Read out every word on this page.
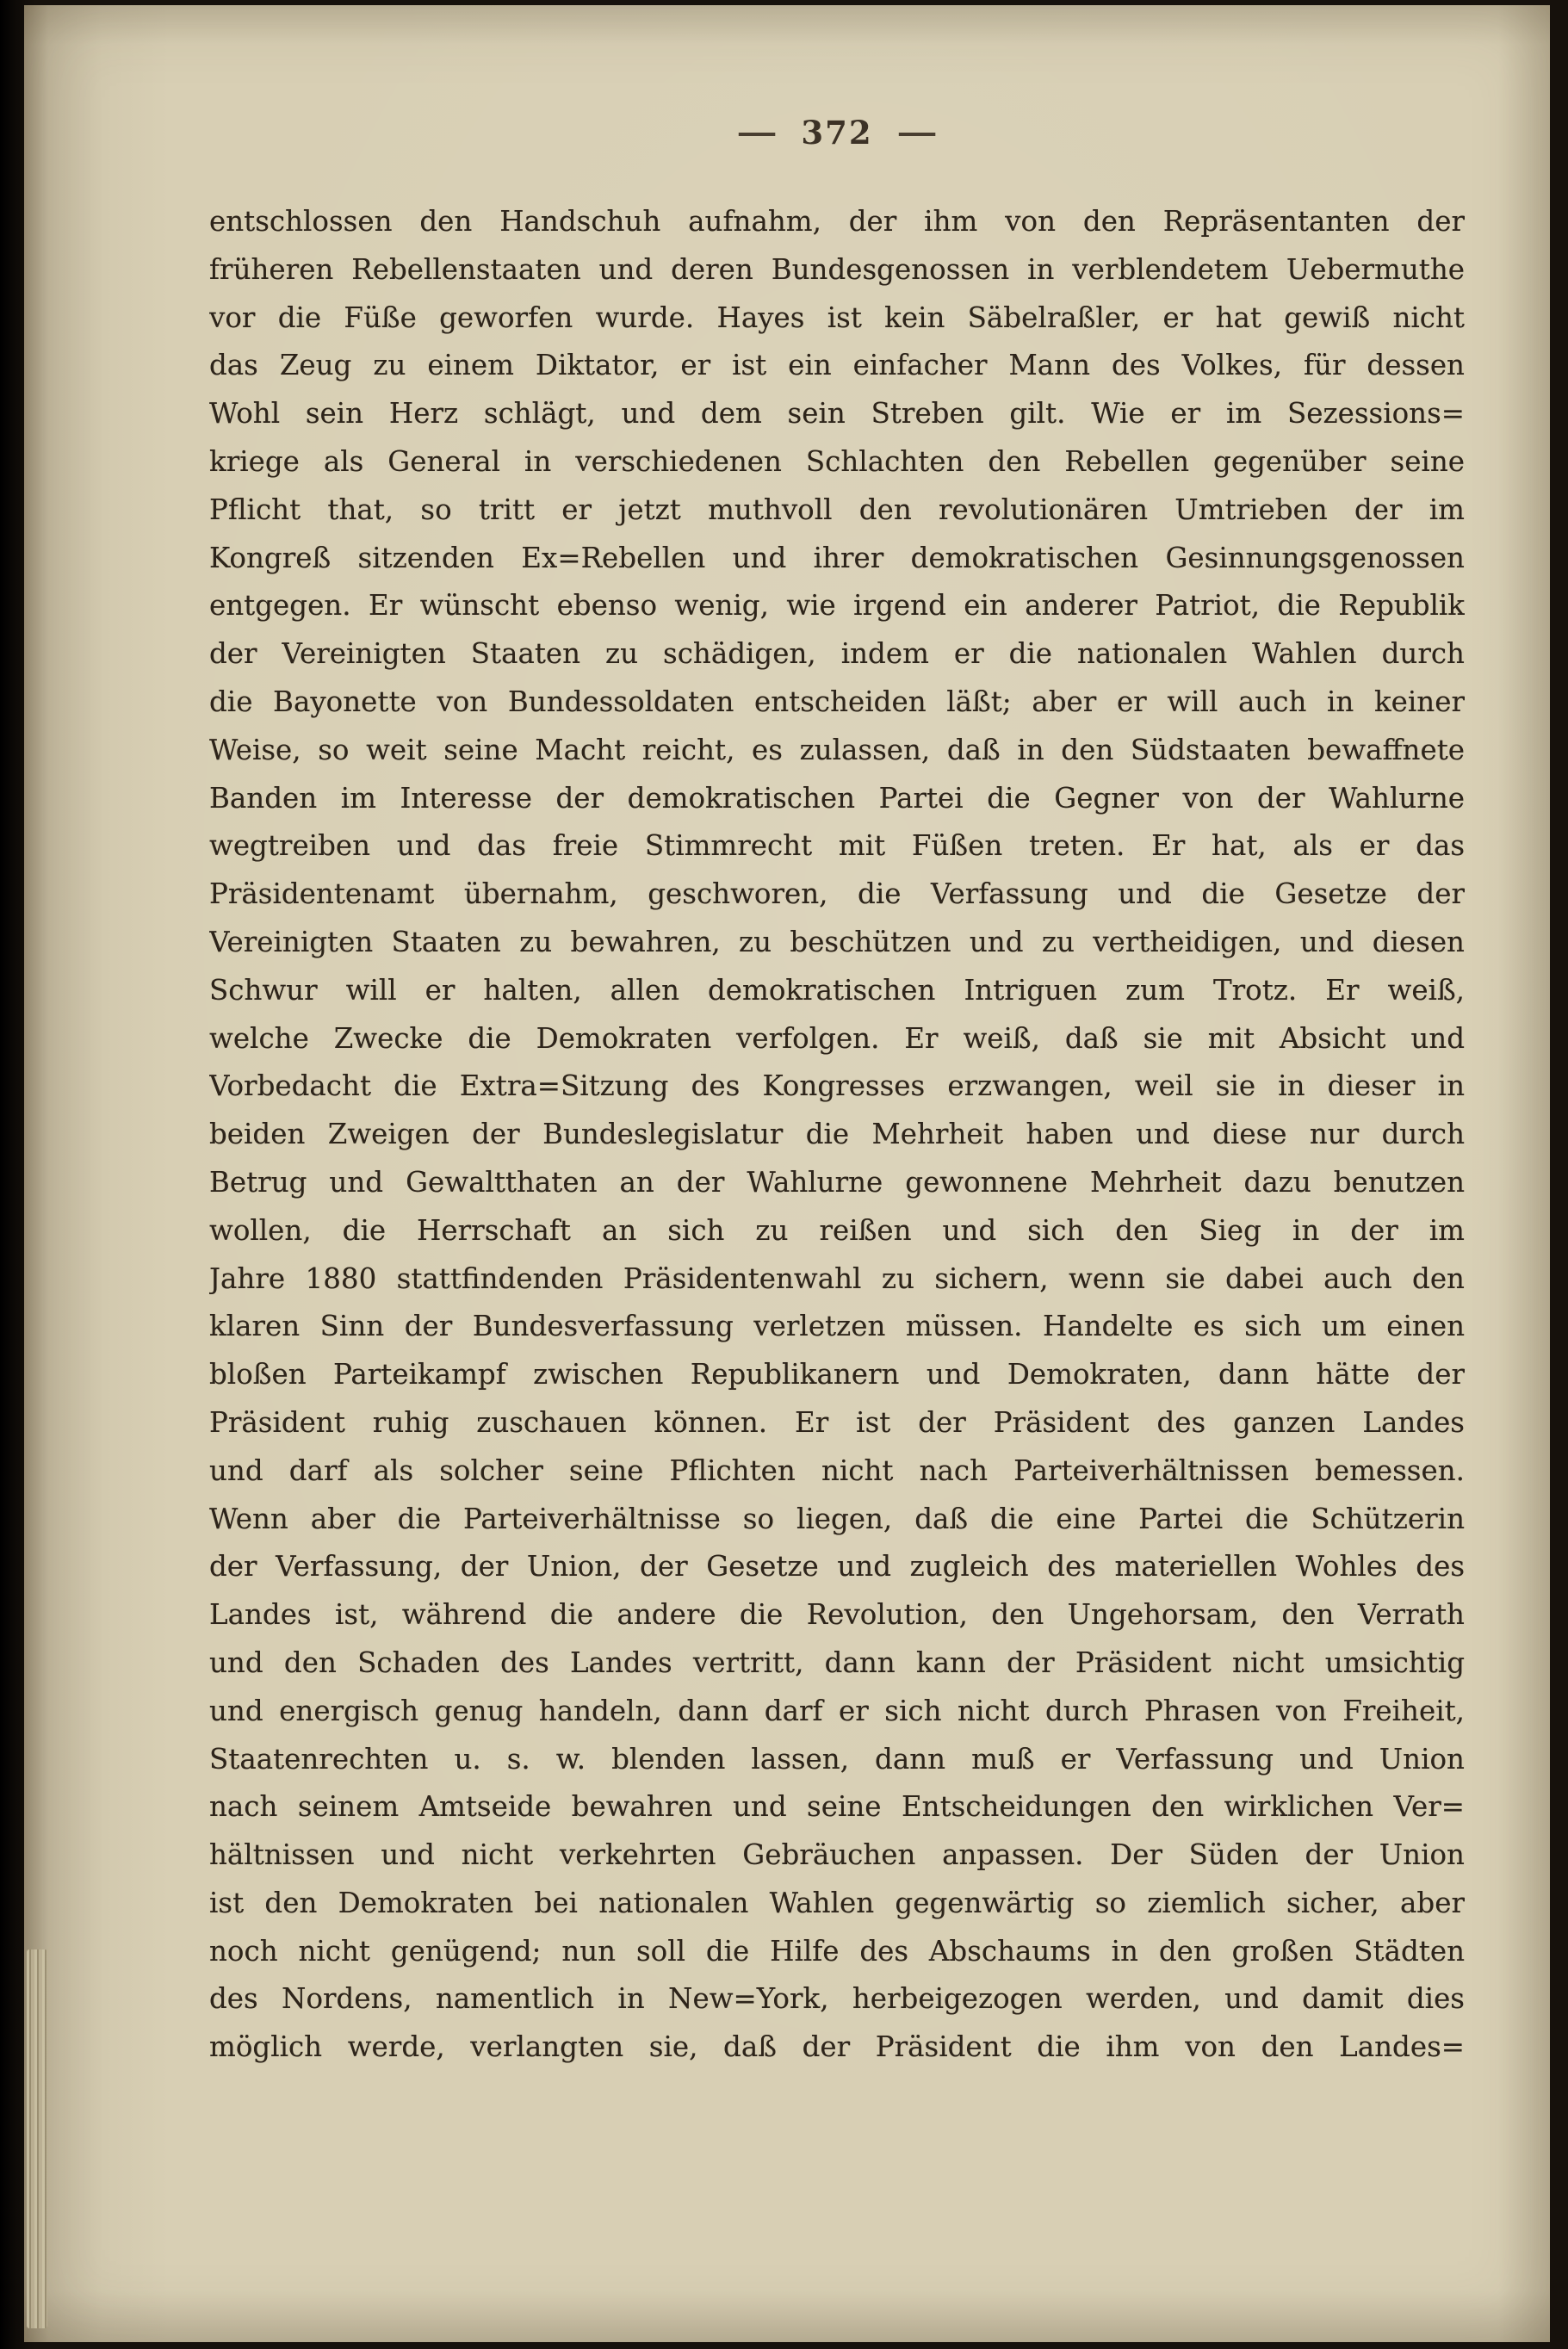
— 372 —
entschlossen den Handschuh aufnahm, der ihm von den Repräsentanten der
früheren Rebellenstaaten und deren Bundesgenossen in verblendetem Uebermuthe
vor die Füße geworfen wurde. Hayes ist kein Säbelraßler, er hat gewiß nicht
das Zeug zu einem Diktator, er ist ein einfacher Mann des Volkes, für dessen
Wohl sein Herz schlägt, und dem sein Streben gilt. Wie er im Sezessions=
kriege als General in verschiedenen Schlachten den Rebellen gegenüber seine
Pflicht that, so tritt er jetzt muthvoll den revolutionären Umtrieben der im
Kongreß sitzenden Ex=Rebellen und ihrer demokratischen Gesinnungsgenossen
entgegen. Er wünscht ebenso wenig, wie irgend ein anderer Patriot, die Republik
der Vereinigten Staaten zu schädigen, indem er die nationalen Wahlen durch
die Bayonette von Bundessoldaten entscheiden läßt; aber er will auch in keiner
Weise, so weit seine Macht reicht, es zulassen, daß in den Südstaaten bewaffnete
Banden im Interesse der demokratischen Partei die Gegner von der Wahlurne
wegtreiben und das freie Stimmrecht mit Füßen treten. Er hat, als er das
Präsidentenamt übernahm, geschworen, die Verfassung und die Gesetze der
Vereinigten Staaten zu bewahren, zu beschützen und zu vertheidigen, und diesen
Schwur will er halten, allen demokratischen Intriguen zum Trotz. Er weiß,
welche Zwecke die Demokraten verfolgen. Er weiß, daß sie mit Absicht und
Vorbedacht die Extra=Sitzung des Kongresses erzwangen, weil sie in dieser in
beiden Zweigen der Bundeslegislatur die Mehrheit haben und diese nur durch
Betrug und Gewaltthaten an der Wahlurne gewonnene Mehrheit dazu benutzen
wollen, die Herrschaft an sich zu reißen und sich den Sieg in der im
Jahre 1880 stattfindenden Präsidentenwahl zu sichern, wenn sie dabei auch den
klaren Sinn der Bundesverfassung verletzen müssen. Handelte es sich um einen
bloßen Parteikampf zwischen Republikanern und Demokraten, dann hätte der
Präsident ruhig zuschauen können. Er ist der Präsident des ganzen Landes
und darf als solcher seine Pflichten nicht nach Parteiverhältnissen bemessen.
Wenn aber die Parteiverhältnisse so liegen, daß die eine Partei die Schützerin
der Verfassung, der Union, der Gesetze und zugleich des materiellen Wohles des
Landes ist, während die andere die Revolution, den Ungehorsam, den Verrath
und den Schaden des Landes vertritt, dann kann der Präsident nicht umsichtig
und energisch genug handeln, dann darf er sich nicht durch Phrasen von Freiheit,
Staatenrechten u. s. w. blenden lassen, dann muß er Verfassung und Union
nach seinem Amtseide bewahren und seine Entscheidungen den wirklichen Ver=
hältnissen und nicht verkehrten Gebräuchen anpassen. Der Süden der Union
ist den Demokraten bei nationalen Wahlen gegenwärtig so ziemlich sicher, aber
noch nicht genügend; nun soll die Hilfe des Abschaums in den großen Städten
des Nordens, namentlich in New=York, herbeigezogen werden, und damit dies
möglich werde, verlangten sie, daß der Präsident die ihm von den Landes=
